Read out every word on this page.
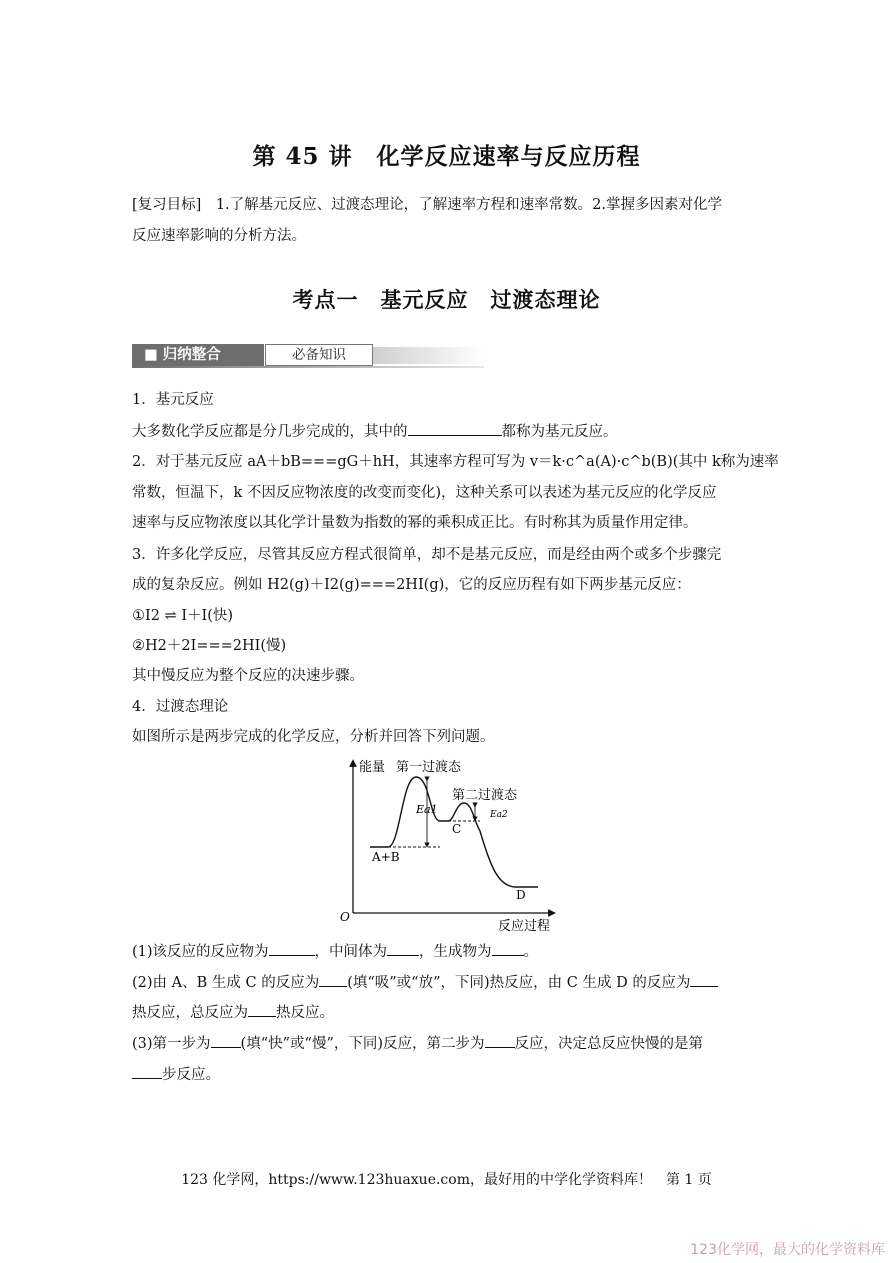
第 45 讲　化学反应速率与反应历程
[复习目标]　1.了解基元反应、过渡态理论，了解速率方程和速率常数。2.掌握多因素对化学
反应速率影响的分析方法。
考点一　基元反应　过渡态理论
■ 归纳整合	必备知识
1．基元反应
大多数化学反应都是分几步完成的，其中的	都称为基元反应。
2．对于基元反应 aA＋bB===gG＋hH，其速率方程可写为 v＝k·c^a(A)·c^b(B)(其中 k称为速率
常数，恒温下，k 不因反应物浓度的改变而变化)，这种关系可以表述为基元反应的化学反应
速率与反应物浓度以其化学计量数为指数的幂的乘积成正比。有时称其为质量作用定律。
3．许多化学反应，尽管其反应方程式很简单，却不是基元反应，而是经由两个或多个步骤完
成的复杂反应。例如 H2(g)＋I2(g)===2HI(g)，它的反应历程有如下两步基元反应：
①I2 ⇌ I＋I(快)
②H2＋2I===2HI(慢)
其中慢反应为整个反应的决速步骤。
4．过渡态理论
如图所示是两步完成的化学反应，分析并回答下列问题。
能量
反应过程
O
第一过渡态
第二过渡态
Ea1	Ea2
A+B
C
D
(1)该反应的反应物为	，中间体为 ，生成物为 。
(2)由 A、B 生成 C 的反应为 (填“吸”或“放”，下同)热反应，由 C 生成 D 的反应为
热反应，总反应为 热反应。
(3)第一步为 (填“快”或“慢”，下同)反应，第二步为 反应，决定总反应快慢的是第
步反应。
123 化学网，https://www.123huaxue.com，最好用的中学化学资料库！　第 1 页
123化学网，最大的化学资料库
